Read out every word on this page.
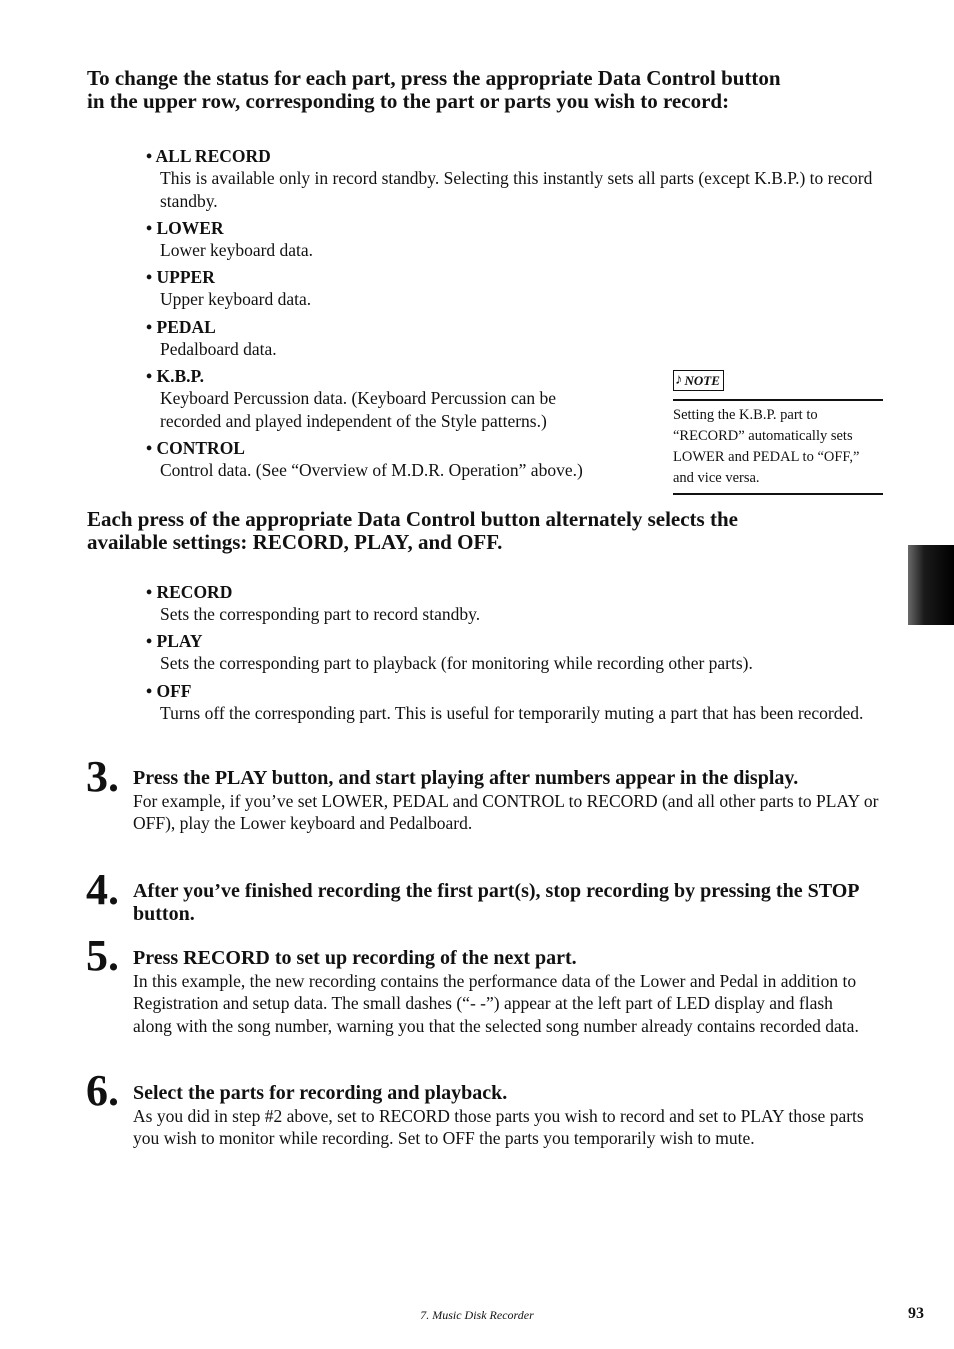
To change the status for each part, press the appropriate Data Control button
in the upper row, corresponding to the part or parts you wish to record:
• ALL RECORD
This is available only in record standby. Selecting this instantly sets all parts (except K.B.P.) to record standby.
• LOWER
Lower keyboard data.
• UPPER
Upper keyboard data.
• PEDAL
Pedalboard data.
• K.B.P.
Keyboard Percussion data. (Keyboard Percussion can be recorded and played independent of the Style patterns.)
• CONTROL
Control data. (See “Overview of M.D.R. Operation” above.)
♪ NOTE
Setting the K.B.P. part to “RECORD” automatically sets LOWER and PEDAL to “OFF,” and vice versa.
Each press of the appropriate Data Control button alternately selects the
available settings: RECORD, PLAY, and OFF.
• RECORD
Sets the corresponding part to record standby.
• PLAY
Sets the corresponding part to playback (for monitoring while recording other parts).
• OFF
Turns off the corresponding part. This is useful for temporarily muting a part that has been recorded.
3. Press the PLAY button, and start playing after numbers appear in the display.
For example, if you’ve set LOWER, PEDAL and CONTROL to RECORD (and all other parts to PLAY or OFF), play the Lower keyboard and Pedalboard.
4. After you’ve finished recording the first part(s), stop recording by pressing the STOP button.
5. Press RECORD to set up recording of the next part.
In this example, the new recording contains the performance data of the Lower and Pedal in addition to Registration and setup data. The small dashes (“- -”) appear at the left part of LED display and flash along with the song number, warning you that the selected song number already contains recorded data.
6. Select the parts for recording and playback.
As you did in step #2 above, set to RECORD those parts you wish to record and set to PLAY those parts you wish to monitor while recording. Set to OFF the parts you temporarily wish to mute.
7. Music Disk Recorder	93
